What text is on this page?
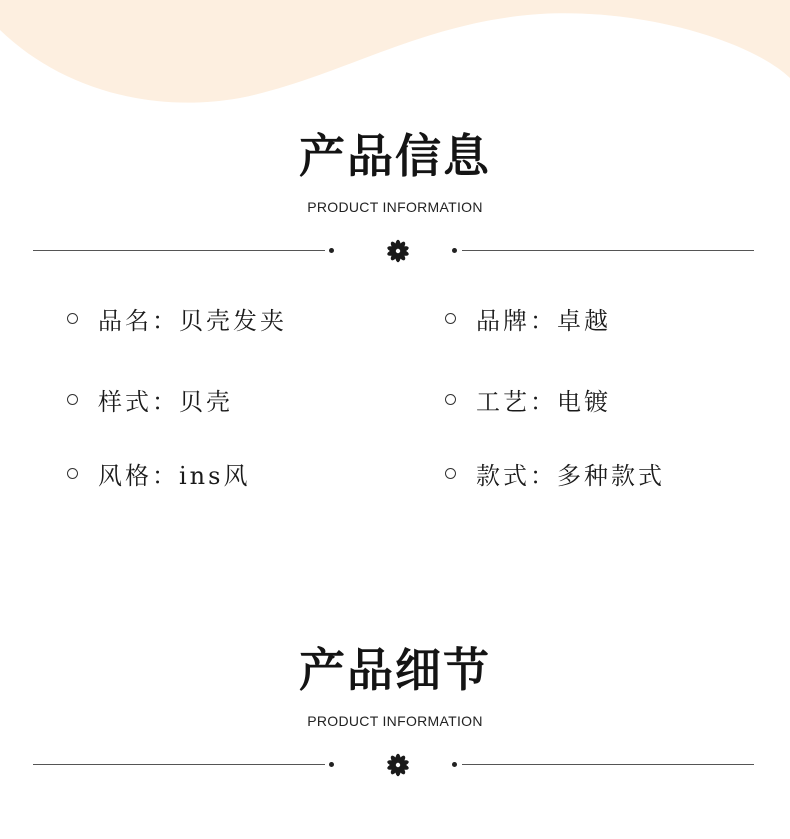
产品信息
PRODUCT INFORMATION
品名：贝壳发夹	品牌：卓越
样式：贝壳	工艺：电镀
风格：ins风	款式：多种款式
产品细节
PRODUCT INFORMATION
